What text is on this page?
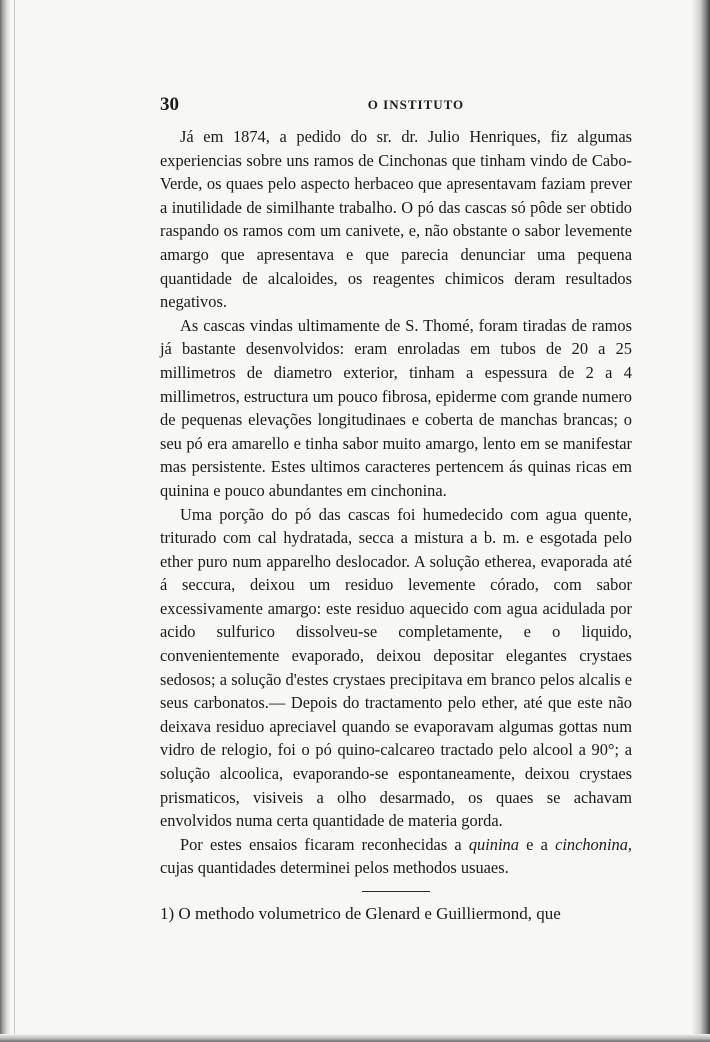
30	O INSTITUTO

Já em 1874, a pedido do sr. dr. Julio Henriques, fiz algumas experiencias sobre uns ramos de Cinchonas que tinham vindo de Cabo-Verde, os quaes pelo aspecto herbaceo que apresentavam faziam prever a inutilidade de similhante trabalho. O pó das cascas só pôde ser obtido raspando os ramos com um canivete, e, não obstante o sabor levemente amargo que apresentava e que parecia denunciar uma pequena quantidade de alcaloides, os reagentes chimicos deram resultados negativos.

As cascas vindas ultimamente de S. Thomé, foram tiradas de ramos já bastante desenvolvidos: eram enroladas em tubos de 20 a 25 millimetros de diametro exterior, tinham a espessura de 2 a 4 millimetros, estructura um pouco fibrosa, epiderme com grande numero de pequenas elevações longitudinaes e coberta de manchas brancas; o seu pó era amarello e tinha sabor muito amargo, lento em se manifestar mas persistente. Estes ultimos caracteres pertencem ás quinas ricas em quinina e pouco abundantes em cinchonina.

Uma porção do pó das cascas foi humedecido com agua quente, triturado com cal hydratada, secca a mistura a b. m. e esgotada pelo ether puro num apparelho deslocador. A solução etherea, evaporada até á seccura, deixou um residuo levemente córado, com sabor excessivamente amargo: este residuo aquecido com agua acidulada por acido sulfurico dissolveu-se completamente, e o liquido, convenientemente evaporado, deixou depositar elegantes crystaes sedosos; a solução d'estes crystaes precipitava em branco pelos alcalis e seus carbonatos.— Depois do tractamento pelo ether, até que este não deixava residuo apreciavel quando se evaporavam algumas gottas num vidro de relogio, foi o pó quino-calcareo tractado pelo alcool a 90°; a solução alcoolica, evaporando-se espontaneamente, deixou crystaes prismaticos, visiveis a olho desarmado, os quaes se achavam envolvidos numa certa quantidade de materia gorda.

Por estes ensaios ficaram reconhecidas a quinina e a cinchonina, cujas quantidades determinei pelos methodos usuaes.

1) O methodo volumetrico de Glenard e Guilliermond, que
